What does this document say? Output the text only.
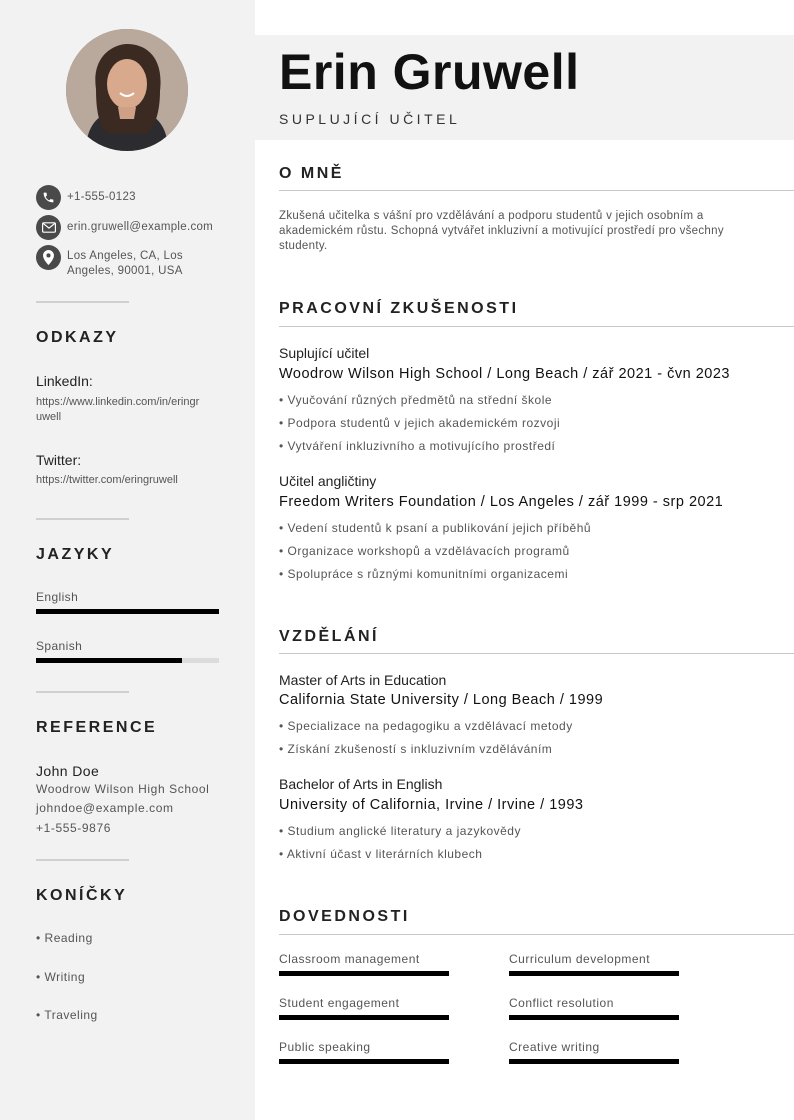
+1-555-0123
erin.gruwell@example.com
Los Angeles, CA, Los
Angeles, 90001, USA
ODKAZY
LinkedIn:
https://www.linkedin.com/in/eringr
uwell
Twitter:
https://twitter.com/eringruwell
JAZYKY
English
Spanish
REFERENCE
John Doe
Woodrow Wilson High School
johndoe@example.com
+1-555-9876
KONÍČKY
• Reading
• Writing
• Traveling
Erin Gruwell
SUPLUJÍCÍ UČITEL
O MNĚ
Zkušená učitelka s vášní pro vzdělávání a podporu studentů v jejich osobním a akademickém růstu. Schopná vytvářet inkluzivní a motivující prostředí pro všechny studenty.
PRACOVNÍ ZKUŠENOSTI
Suplující učitel
Woodrow Wilson High School / Long Beach / zář 2021 - čvn 2023
• Vyučování různých předmětů na střední škole
• Podpora studentů v jejich akademickém rozvoji
• Vytváření inkluzivního a motivujícího prostředí
Učitel angličtiny
Freedom Writers Foundation / Los Angeles / zář 1999 - srp 2021
• Vedení studentů k psaní a publikování jejich příběhů
• Organizace workshopů a vzdělávacích programů
• Spolupráce s různými komunitními organizacemi
VZDĚLÁNÍ
Master of Arts in Education
California State University / Long Beach / 1999
• Specializace na pedagogiku a vzdělávací metody
• Získání zkušeností s inkluzivním vzděláváním
Bachelor of Arts in English
University of California, Irvine / Irvine / 1993
• Studium anglické literatury a jazykovědy
• Aktivní účast v literárních klubech
DOVEDNOSTI
Classroom management	Curriculum development
Student engagement	Conflict resolution
Public speaking	Creative writing
